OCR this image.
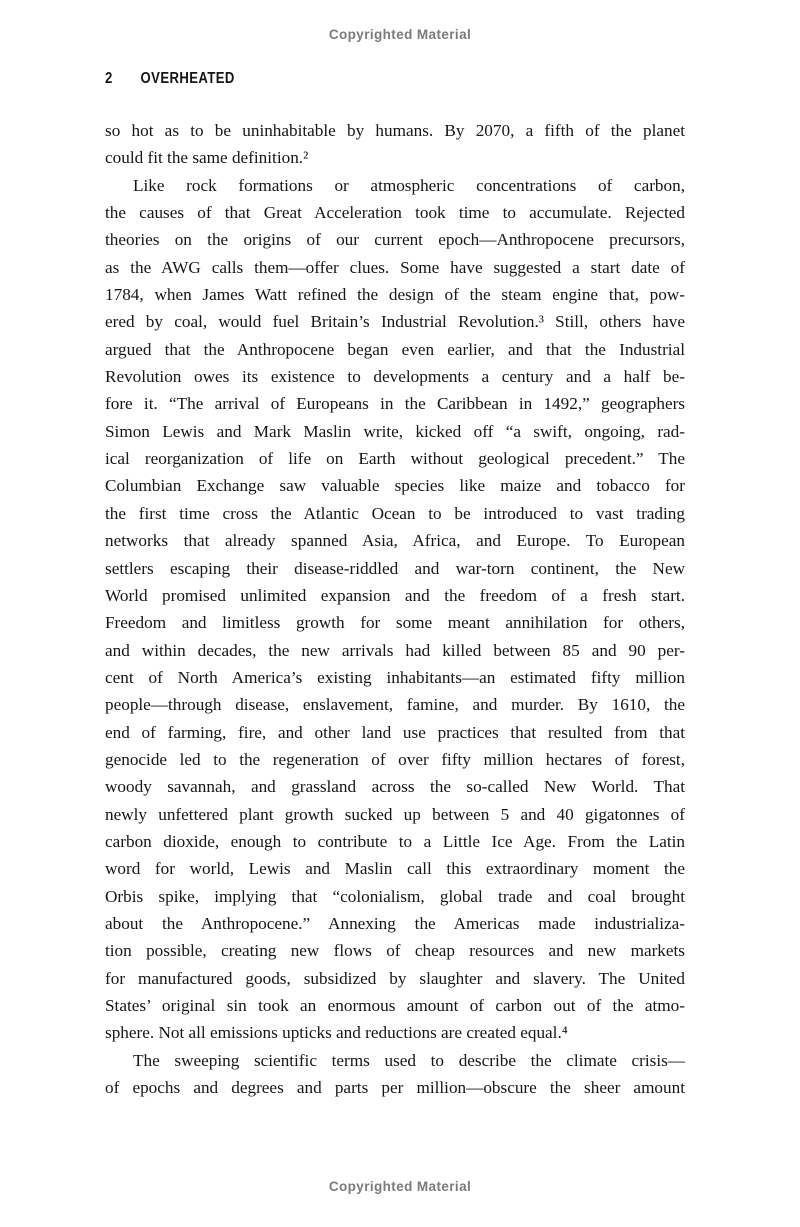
Copyrighted Material
2 OVERHEATED
so hot as to be uninhabitable by humans. By 2070, a fifth of the planet
could fit the same definition.²
Like rock formations or atmospheric concentrations of carbon,
the causes of that Great Acceleration took time to accumulate. Rejected
theories on the origins of our current epoch—Anthropocene precursors,
as the AWG calls them—offer clues. Some have suggested a start date of
1784, when James Watt refined the design of the steam engine that, pow-
ered by coal, would fuel Britain’s Industrial Revolution.³ Still, others have
argued that the Anthropocene began even earlier, and that the Industrial
Revolution owes its existence to developments a century and a half be-
fore it. “The arrival of Europeans in the Caribbean in 1492,” geographers
Simon Lewis and Mark Maslin write, kicked off “a swift, ongoing, rad-
ical reorganization of life on Earth without geological precedent.” The
Columbian Exchange saw valuable species like maize and tobacco for
the first time cross the Atlantic Ocean to be introduced to vast trading
networks that already spanned Asia, Africa, and Europe. To European
settlers escaping their disease-riddled and war-torn continent, the New
World promised unlimited expansion and the freedom of a fresh start.
Freedom and limitless growth for some meant annihilation for others,
and within decades, the new arrivals had killed between 85 and 90 per-
cent of North America’s existing inhabitants—an estimated fifty million
people—through disease, enslavement, famine, and murder. By 1610, the
end of farming, fire, and other land use practices that resulted from that
genocide led to the regeneration of over fifty million hectares of forest,
woody savannah, and grassland across the so-called New World. That
newly unfettered plant growth sucked up between 5 and 40 gigatonnes of
carbon dioxide, enough to contribute to a Little Ice Age. From the Latin
word for world, Lewis and Maslin call this extraordinary moment the
Orbis spike, implying that “colonialism, global trade and coal brought
about the Anthropocene.” Annexing the Americas made industrializa-
tion possible, creating new flows of cheap resources and new markets
for manufactured goods, subsidized by slaughter and slavery. The United
States’ original sin took an enormous amount of carbon out of the atmo-
sphere. Not all emissions upticks and reductions are created equal.⁴
The sweeping scientific terms used to describe the climate crisis—
of epochs and degrees and parts per million—obscure the sheer amount
Copyrighted Material
